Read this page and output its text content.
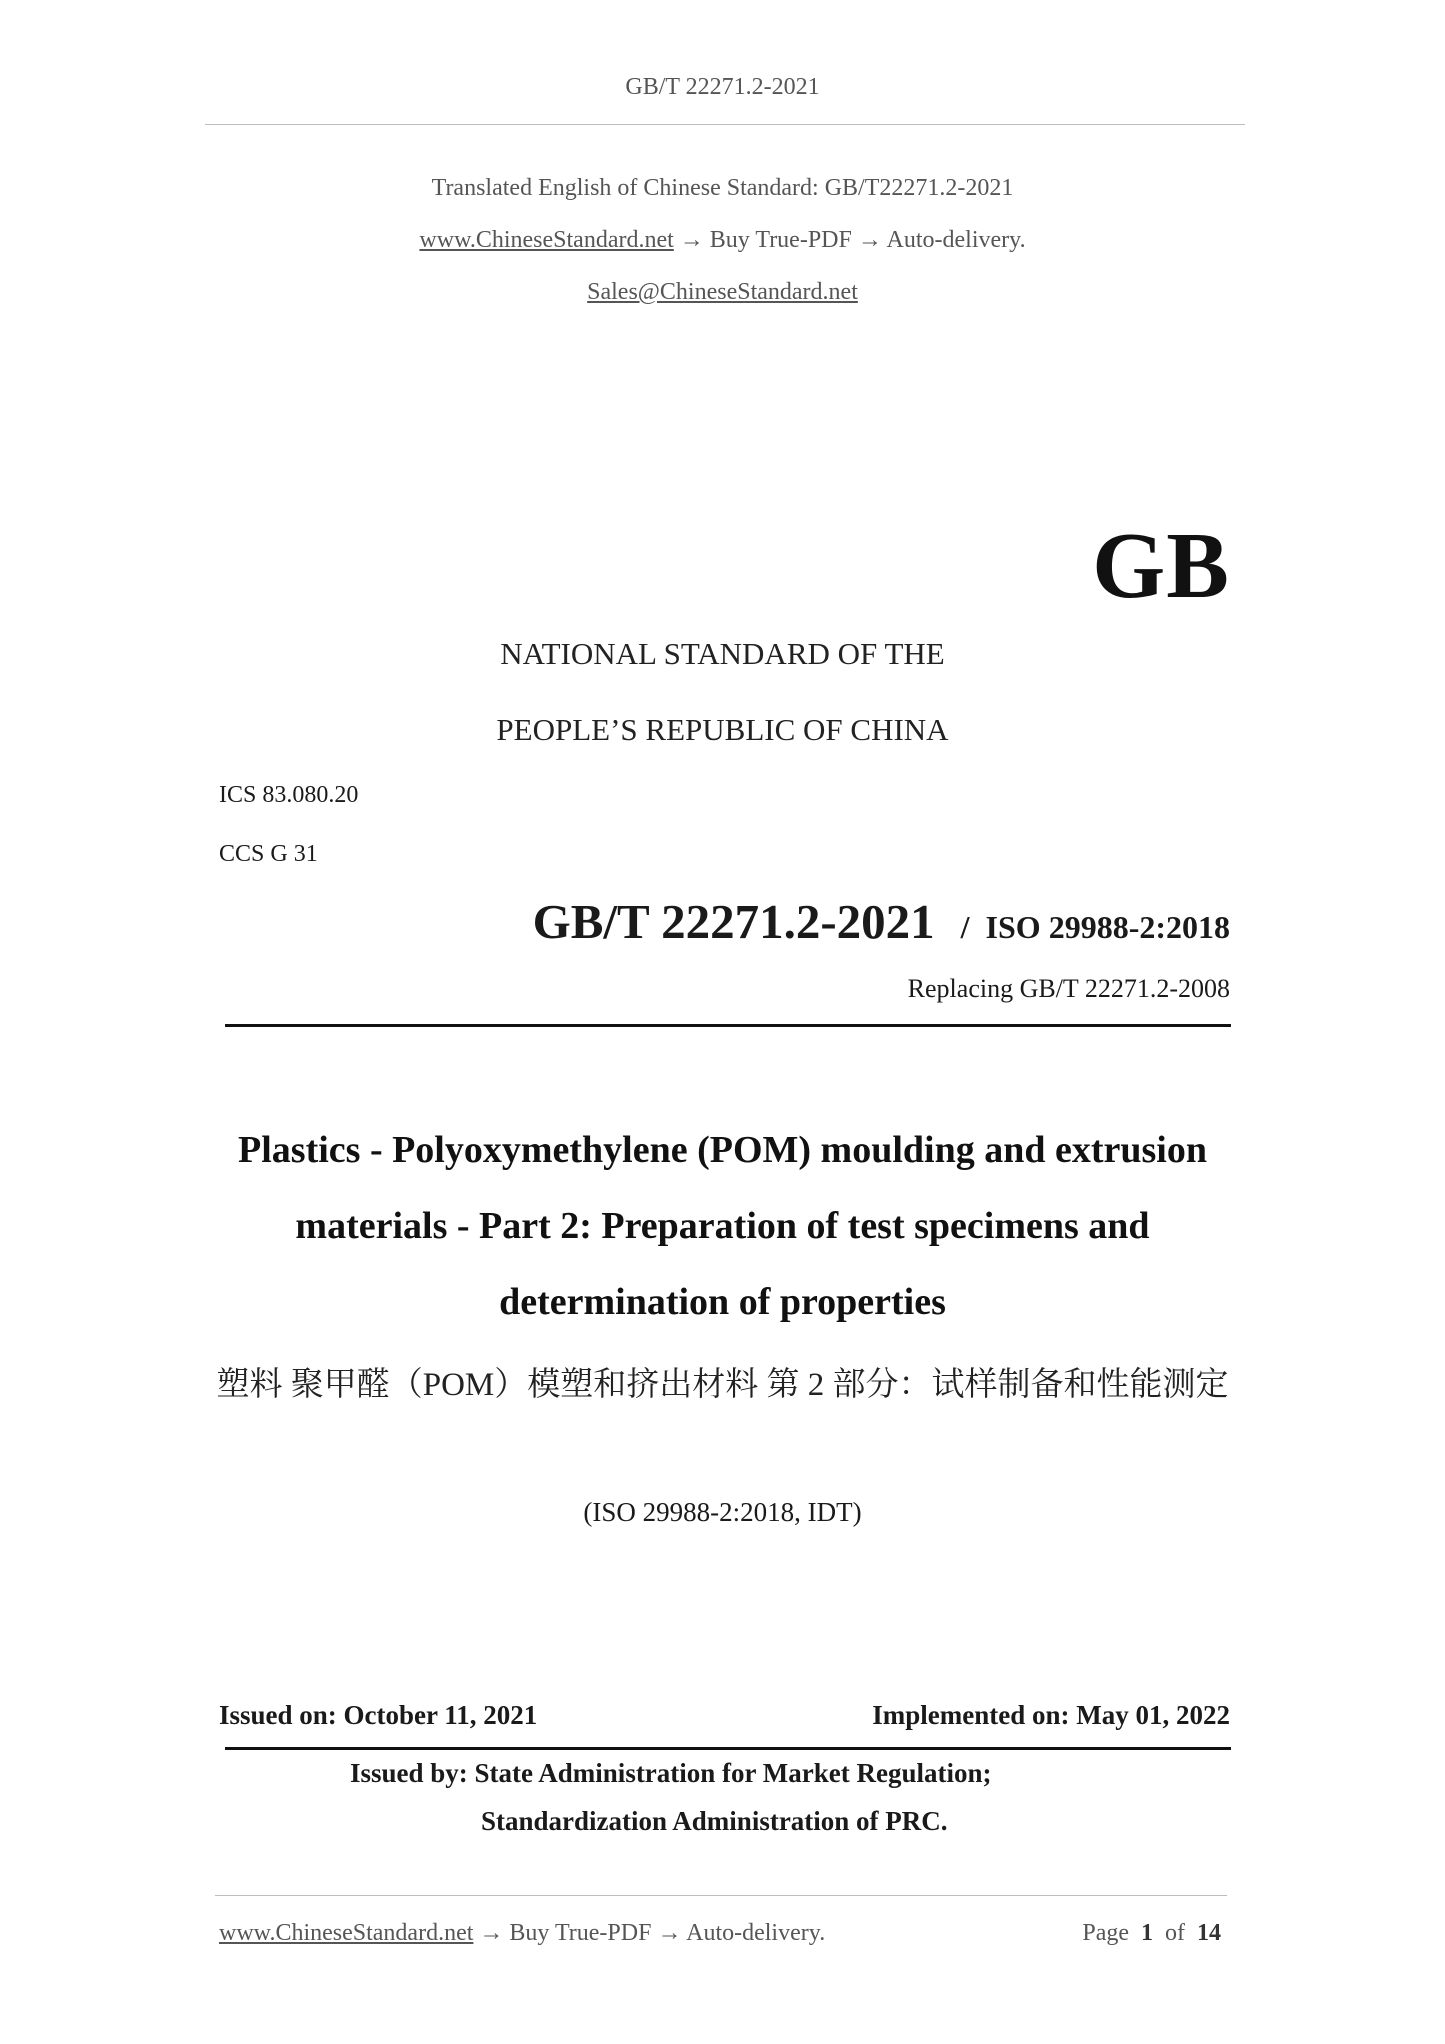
GB/T 22271.2-2021
Translated English of Chinese Standard: GB/T22271.2-2021
www.ChineseStandard.net → Buy True-PDF → Auto-delivery.
Sales@ChineseStandard.net
GB
NATIONAL STANDARD OF THE
PEOPLE’S REPUBLIC OF CHINA
ICS 83.080.20
CCS G 31
GB/T 22271.2-2021 / ISO 29988-2:2018
Replacing GB/T 22271.2-2008
Plastics - Polyoxymethylene (POM) moulding and extrusion materials - Part 2: Preparation of test specimens and determination of properties
塑料 聚甲醛（POM）模塑和挤出材料 第 2 部分：试样制备和性能测定
(ISO 29988-2:2018, IDT)
Issued on: October 11, 2021	Implemented on: May 01, 2022
Issued by: State Administration for Market Regulation;
Standardization Administration of PRC.
www.ChineseStandard.net → Buy True-PDF → Auto-delivery.	Page 1 of 14
